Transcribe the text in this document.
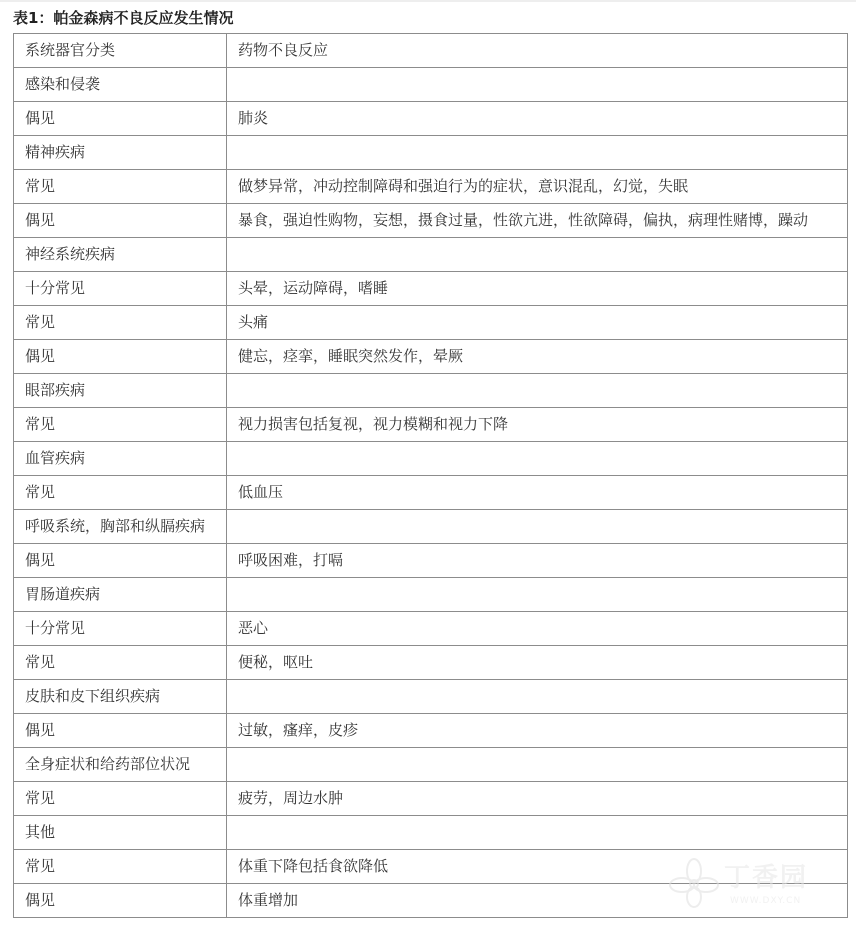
表1：帕金森病不良反应发生情况
系统器官分类	药物不良反应
感染和侵袭	
偶见	肺炎
精神疾病	
常见	做梦异常，冲动控制障碍和强迫行为的症状，意识混乱，幻觉，失眠
偶见	暴食，强迫性购物，妄想，摄食过量，性欲亢进，性欲障碍，偏执，病理性赌博，躁动
神经系统疾病	
十分常见	头晕，运动障碍，嗜睡
常见	头痛
偶见	健忘，痉挛，睡眠突然发作，晕厥
眼部疾病	
常见	视力损害包括复视，视力模糊和视力下降
血管疾病	
常见	低血压
呼吸系统，胸部和纵膈疾病	
偶见	呼吸困难，打嗝
胃肠道疾病	
十分常见	恶心
常见	便秘，呕吐
皮肤和皮下组织疾病	
偶见	过敏，瘙痒，皮疹
全身症状和给药部位状况	
常见	疲劳，周边水肿
其他	
常见	体重下降包括食欲降低
偶见	体重增加
丁香园
WWW.DXY.CN
